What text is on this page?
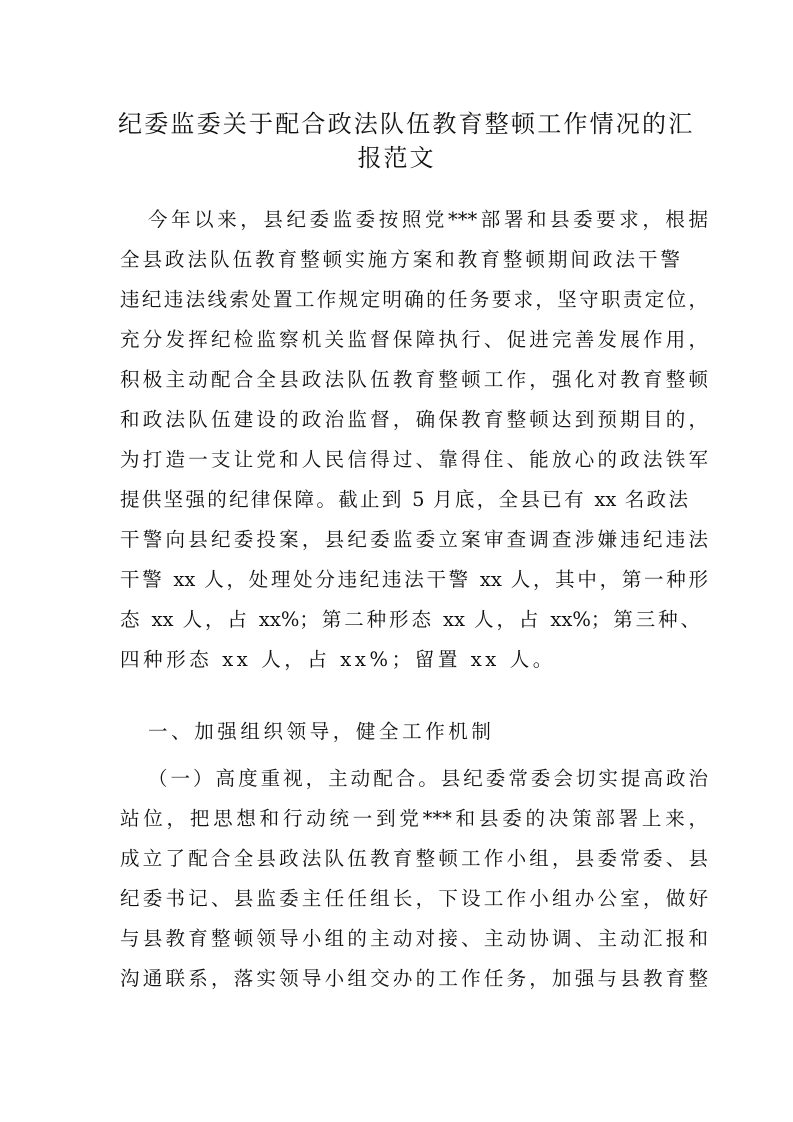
纪委监委关于配合政法队伍教育整顿工作情况的汇
报范文
今年以来，县纪委监委按照党***部署和县委要求，根据
全县政法队伍教育整顿实施方案和教育整顿期间政法干警
违纪违法线索处置工作规定明确的任务要求，坚守职责定位，
充分发挥纪检监察机关监督保障执行、促进完善发展作用，
积极主动配合全县政法队伍教育整顿工作，强化对教育整顿
和政法队伍建设的政治监督，确保教育整顿达到预期目的，
为打造一支让党和人民信得过、靠得住、能放心的政法铁军
提供坚强的纪律保障。截止到 5 月底，全县已有 xx 名政法
干警向县纪委投案，县纪委监委立案审查调查涉嫌违纪违法
干警 xx 人，处理处分违纪违法干警 xx 人，其中，第一种形
态 xx 人，占 xx%；第二种形态 xx 人，占 xx%；第三种、
四种形态 xx 人，占 xx%；留置 xx 人。
一、加强组织领导，健全工作机制
（一）高度重视，主动配合。县纪委常委会切实提高政治
站位，把思想和行动统一到党***和县委的决策部署上来，
成立了配合全县政法队伍教育整顿工作小组，县委常委、县
纪委书记、县监委主任任组长，下设工作小组办公室，做好
与县教育整顿领导小组的主动对接、主动协调、主动汇报和
沟通联系，落实领导小组交办的工作任务，加强与县教育整
